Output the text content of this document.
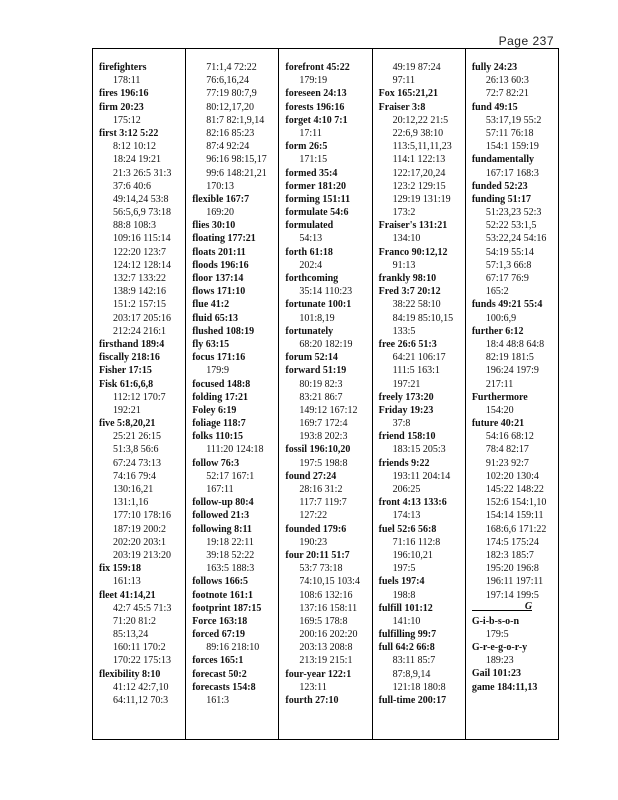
Page 237
firefighters
178:11
fires 196:16
firm 20:23
175:12
first 3:12 5:22
8:12 10:12
18:24 19:21
21:3 26:5 31:3
37:6 40:6
49:14,24 53:8
56:5,6,9 73:18
88:8 108:3
109:16 115:14
122:20 123:7
124:12 128:14
132:7 133:22
138:9 142:16
151:2 157:15
203:17 205:16
212:24 216:1
firsthand 189:4
fiscally 218:16
Fisher 17:15
Fisk 61:6,6,8
112:12 170:7
192:21
five 5:8,20,21
25:21 26:15
51:3,8 56:6
67:24 73:13
74:16 79:4
130:16,21
131:1,16
177:10 178:16
187:19 200:2
202:20 203:1
203:19 213:20
fix 159:18
161:13
fleet 41:14,21
42:7 45:5 71:3
71:20 81:2
85:13,24
160:11 170:2
170:22 175:13
flexibility 8:10
41:12 42:7,10
64:11,12 70:3
71:1,4 72:22
76:6,16,24
77:19 80:7,9
80:12,17,20
81:7 82:1,9,14
82:16 85:23
87:4 92:24
96:16 98:15,17
99:6 148:21,21
170:13
flexible 167:7
169:20
flies 30:10
floating 177:21
floats 201:11
floods 196:16
floor 137:14
flows 171:10
flue 41:2
fluid 65:13
flushed 108:19
fly 63:15
focus 171:16
179:9
focused 148:8
folding 17:21
Foley 6:19
foliage 118:7
folks 110:15
111:20 124:18
follow 76:3
52:17 167:1
167:11
follow-up 80:4
followed 21:3
following 8:11
19:18 22:11
39:18 52:22
163:5 188:3
follows 166:5
footnote 161:1
footprint 187:15
Force 163:18
forced 67:19
89:16 218:10
forces 165:1
forecast 50:2
forecasts 154:8
161:3
forefront 45:22
179:19
foreseen 24:13
forests 196:16
forget 4:10 7:1
17:11
form 26:5
171:15
formed 35:4
former 181:20
forming 151:11
formulate 54:6
formulated
54:13
forth 61:18
202:4
forthcoming
35:14 110:23
fortunate 100:1
101:8,19
fortunately
68:20 182:19
forum 52:14
forward 51:19
80:19 82:3
83:21 86:7
149:12 167:12
169:7 172:4
193:8 202:3
fossil 196:10,20
197:5 198:8
found 27:24
28:16 31:2
117:7 119:7
127:22
founded 179:6
190:23
four 20:11 51:7
53:7 73:18
74:10,15 103:4
108:6 132:16
137:16 158:11
169:5 178:8
200:16 202:20
203:13 208:8
213:19 215:1
four-year 122:1
123:11
fourth 27:10
49:19 87:24
97:11
Fox 165:21,21
Fraiser 3:8
20:12,22 21:5
22:6,9 38:10
113:5,11,11,23
114:1 122:13
122:17,20,24
123:2 129:15
129:19 131:19
173:2
Fraiser's 131:21
134:10
Franco 90:12,12
91:13
frankly 98:10
Fred 3:7 20:12
38:22 58:10
84:19 85:10,15
133:5
free 26:6 51:3
64:21 106:17
111:5 163:1
197:21
freely 173:20
Friday 19:23
37:8
friend 158:10
183:15 205:3
friends 9:22
193:11 204:14
206:25
front 4:13 133:6
174:13
fuel 52:6 56:8
71:16 112:8
196:10,21
197:5
fuels 197:4
198:8
fulfill 101:12
141:10
fulfilling 99:7
full 64:2 66:8
83:11 85:7
87:8,9,14
121:18 180:8
full-time 200:17
fully 24:23
26:13 60:3
72:7 82:21
fund 49:15
53:17,19 55:2
57:11 76:18
154:1 159:19
fundamentally
167:17 168:3
funded 52:23
funding 51:17
51:23,23 52:3
52:22 53:1,5
53:22,24 54:16
54:19 55:14
57:1,3 66:8
67:17 76:9
165:2
funds 49:21 55:4
100:6,9
further 6:12
18:4 48:8 64:8
82:19 181:5
196:24 197:9
217:11
Furthermore
154:20
future 40:21
54:16 68:12
78:4 82:17
91:23 92:7
102:20 130:4
145:22 148:22
152:6 154:1,10
154:14 159:11
168:6,6 171:22
174:5 175:24
182:3 185:7
195:20 196:8
196:11 197:11
197:14 199:5
G
G-i-b-s-o-n
179:5
G-r-e-g-o-r-y
189:23
Gail 101:23
game 184:11,13
